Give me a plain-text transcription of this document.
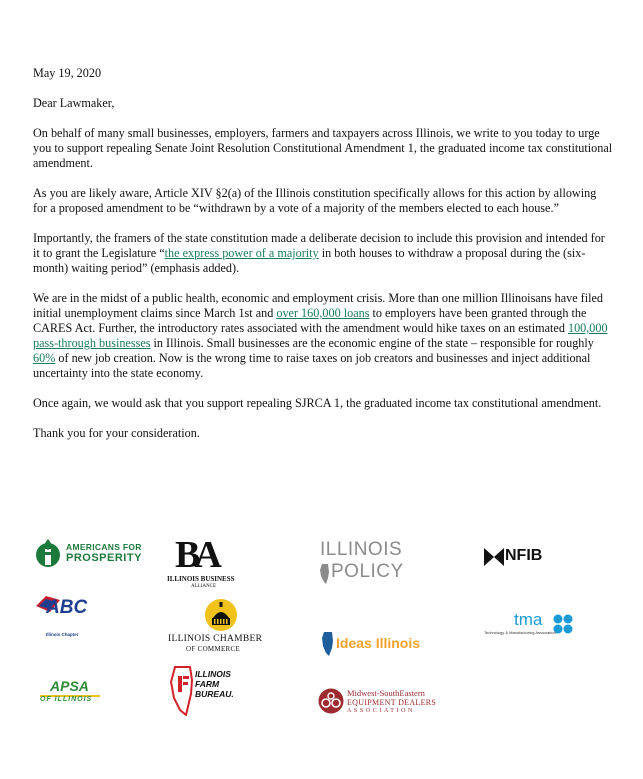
May 19, 2020

Dear Lawmaker,

On behalf of many small businesses, employers, farmers and taxpayers across Illinois, we write to you today to urge you to support repealing Senate Joint Resolution Constitutional Amendment 1, the graduated income tax constitutional amendment.

As you are likely aware, Article XIV §2(a) of the Illinois constitution specifically allows for this action by allowing for a proposed amendment to be “withdrawn by a vote of a majority of the members elected to each house.”

Importantly, the framers of the state constitution made a deliberate decision to include this provision and intended for it to grant the Legislature “the express power of a majority in both houses to withdraw a proposal during the (six-month) waiting period” (emphasis added).

We are in the midst of a public health, economic and employment crisis. More than one million Illinoisans have filed initial unemployment claims since March 1st and over 160,000 loans to employers have been granted through the CARES Act. Further, the introductory rates associated with the amendment would hike taxes on an estimated 100,000 pass-through businesses in Illinois. Small businesses are the economic engine of the state – responsible for roughly 60% of new job creation. Now is the wrong time to raise taxes on job creators and businesses and inject additional uncertainty into the state economy.

Once again, we would ask that you support repealing SJRCA 1, the graduated income tax constitutional amendment.

Thank you for your consideration.

AMERICANS FOR
PROSPERITY BA
ILLINOIS BUSINESS
ALLIANCE
ILLINOIS
POLICY
NFIB
ABC
Illinois Chapter	ILLINOIS CHAMBER
OF COMMERCE	Ideas Illinois
tma
Technology & Manufacturing Association
APSA
OF ILLINOIS
ILLINOIS
FARM
BUREAU.	Midwest-SouthEastern
EQUIPMENT DEALERS
ASSOCIATION
